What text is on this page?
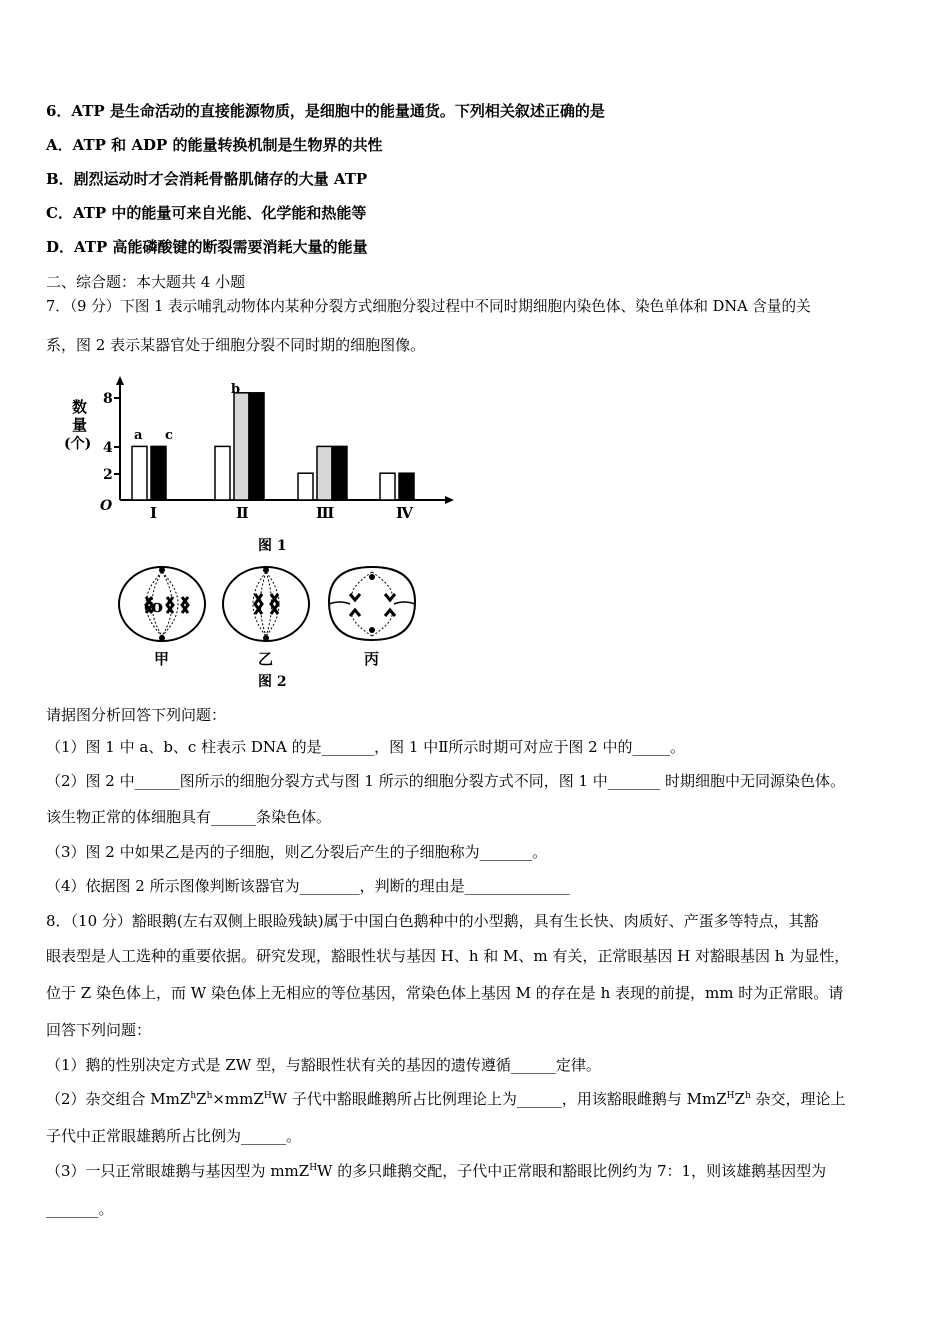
6．ATP 是生命活动的直接能源物质，是细胞中的能量通货。下列相关叙述正确的是
A．ATP 和 ADP 的能量转换机制是生物界的共性
B．剧烈运动时才会消耗骨骼肌储存的大量 ATP
C．ATP 中的能量可来自光能、化学能和热能等
D．ATP 高能磷酸键的断裂需要消耗大量的能量
二、综合题：本大题共 4 小题
7．（9 分）下图 1 表示哺乳动物体内某种分裂方式细胞分裂过程中不同时期细胞内染色体、染色单体和 DNA 含量的关
系，图 2 表示某器官处于细胞分裂不同时期的细胞图像。
数
量
(个)
2
4
8
O
a c
b
Ⅰ	Ⅱ	Ⅲ	Ⅳ
图 1
ꝏ
甲	乙	丙
图 2
请据图分析回答下列问题：
（1）图 1 中 a、b、c 柱表示 DNA 的是_______，图 1 中Ⅱ所示时期可对应于图 2 中的_____。
（2）图 2 中______图所示的细胞分裂方式与图 1 所示的细胞分裂方式不同，图 1 中_______ 时期细胞中无同源染色体。
该生物正常的体细胞具有______条染色体。
（3）图 2 中如果乙是丙的子细胞，则乙分裂后产生的子细胞称为_______。
（4）依据图 2 所示图像判断该器官为________，判断的理由是______________
8．（10 分）豁眼鹅(左右双侧上眼睑残缺)属于中国白色鹅种中的小型鹅，具有生长快、肉质好、产蛋多等特点，其豁
眼表型是人工选种的重要依据。研究发现，豁眼性状与基因 H、h 和 M、m 有关，正常眼基因 H 对豁眼基因 h 为显性，
位于 Z 染色体上，而 W 染色体上无相应的等位基因，常染色体上基因 M 的存在是 h 表现的前提，mm 时为正常眼。请
回答下列问题：
（1）鹅的性别决定方式是 ZW 型，与豁眼性状有关的基因的遗传遵循______定律。
（2）杂交组合 $MmZ^hZ^h\times mmZ^HW$ 子代中豁眼雌鹅所占比例理论上为______，用该豁眼雌鹅与 $MmZ^HZ^h$ 杂交，理论上
子代中正常眼雄鹅所占比例为______。
（3）一只正常眼雄鹅与基因型为 mmZ$^H$W 的多只雌鹅交配，子代中正常眼和豁眼比例约为 7：1，则该雄鹅基因型为
_______。
